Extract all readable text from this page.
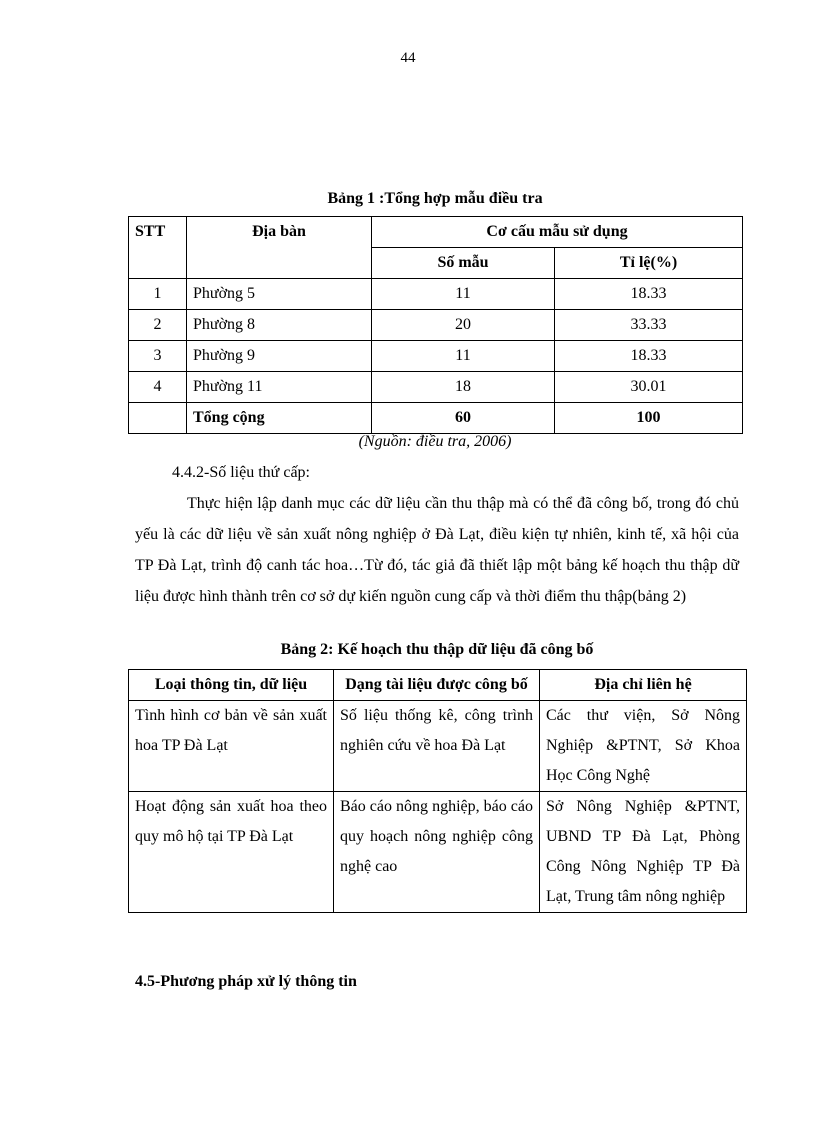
44
Bảng 1 :Tổng hợp mẫu điều tra
STT	Địa bàn	Cơ cấu mẫu sử dụng	
		Số mẫu	Tỉ lệ(%)
1	Phường 5	11	18.33
2	Phường 8	20	33.33
3	Phường 9	11	18.33
4	Phường 11	18	30.01
	Tổng cộng	60	100
(Nguồn: điều tra, 2006)
4.4.2-Số liệu thứ cấp:
Thực hiện lập danh mục các dữ liệu cần thu thập mà có thể đã công bố, trong đó chủ yếu là các dữ liệu về sản xuất nông nghiệp ở Đà Lạt, điều kiện tự nhiên, kinh tế, xã hội của TP Đà Lạt, trình độ canh tác hoa…Từ đó, tác giả đã thiết lập một bảng kế hoạch thu thập dữ liệu được hình thành trên cơ sở dự kiến nguồn cung cấp và thời điểm thu thập(bảng 2)
Bảng 2: Kế hoạch thu thập dữ liệu đã công bố
Loại thông tin, dữ liệu	Dạng tài liệu được công bố	Địa chỉ liên hệ
Tình hình cơ bản về sản xuất hoa TP Đà Lạt	Số liệu thống kê, công trình nghiên cứu về hoa Đà Lạt	Các thư viện, Sở Nông Nghiệp &PTNT, Sở Khoa Học Công Nghệ
Hoạt động sản xuất hoa theo quy mô hộ tại TP Đà Lạt	Báo cáo nông nghiệp, báo cáo quy hoạch nông nghiệp công nghệ cao	Sở Nông Nghiệp &PTNT, UBND TP Đà Lạt, Phòng Công Nông Nghiệp TP Đà Lạt, Trung tâm nông nghiệp
4.5-Phương pháp xử lý thông tin
